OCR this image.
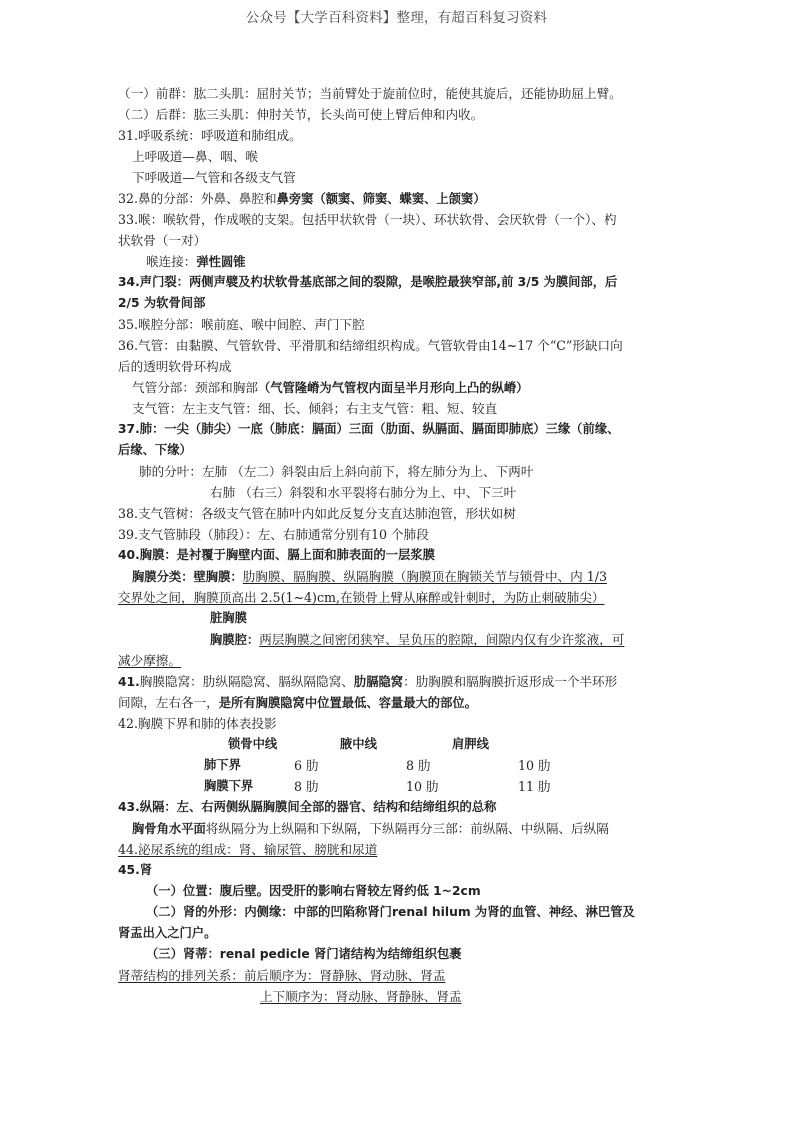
公众号【大学百科资料】整理，有超百科复习资料
（一）前群：肱二头肌：屈肘关节；当前臂处于旋前位时，能使其旋后，还能协助屈上臂。
（二）后群：肱三头肌：伸肘关节，长头尚可使上臂后伸和内收。
31.呼吸系统：呼吸道和肺组成。
上呼吸道—鼻、咽、喉
下呼吸道—气管和各级支气管
32.鼻的分部：外鼻、鼻腔和鼻旁窦（额窦、筛窦、蝶窦、上颌窦）
33.喉：喉软骨，作成喉的支架。包括甲状软骨（一块）、环状软骨、会厌软骨（一个）、杓
状软骨（一对）
喉连接：弹性圆锥
34.声门裂：两侧声襞及杓状软骨基底部之间的裂隙，是喉腔最狭窄部,前 3/5 为膜间部，后
2/5 为软骨间部
35.喉腔分部：喉前庭、喉中间腔、声门下腔
36.气管：由黏膜、气管软骨、平滑肌和结缔组织构成。气管软骨由14~17 个“C”形缺口向
后的透明软骨环构成
气管分部：颈部和胸部（气管隆嵴为气管杈内面呈半月形向上凸的纵嵴）
支气管：左主支气管：细、长、倾斜；右主支气管：粗、短、较直
37.肺：一尖（肺尖）一底（肺底：膈面）三面（肋面、纵膈面、膈面即肺底）三缘（前缘、
后缘、下缘）
肺的分叶：左肺 （左二）斜裂由后上斜向前下，将左肺分为上、下两叶
右肺 （右三）斜裂和水平裂将右肺分为上、中、下三叶
38.支气管树：各级支气管在肺叶内如此反复分支直达肺泡管，形状如树
39.支气管肺段（肺段）：左、右肺通常分别有10 个肺段
40.胸膜：是衬覆于胸壁内面、膈上面和肺表面的一层浆膜
胸膜分类：壁胸膜：肋胸膜、膈胸膜、纵隔胸膜（胸膜顶在胸锁关节与锁骨中、内 1/3
交界处之间，胸膜顶高出 2.5(1~4)cm,在锁骨上臂从麻醉或针刺时，为防止刺破肺尖）
脏胸膜
胸膜腔：两层胸膜之间密闭狭窄、呈负压的腔隙，间隙内仅有少许浆液，可
减少摩擦。
41.胸膜隐窝：肋纵隔隐窝、膈纵隔隐窝、肋膈隐窝：肋胸膜和膈胸膜折返形成一个半环形
间隙，左右各一，是所有胸膜隐窝中位置最低、容量最大的部位。
42.胸膜下界和肺的体表投影
锁骨中线	腋中线	肩胛线
肺下界	6 肋	8 肋	10 肋
胸膜下界	8 肋	10 肋	11 肋
43.纵隔：左、右两侧纵膈胸膜间全部的器官、结构和结缔组织的总称
胸骨角水平面将纵隔分为上纵隔和下纵隔，下纵隔再分三部：前纵隔、中纵隔、后纵隔
44.泌尿系统的组成：肾、输尿管、膀胱和尿道
45.肾
（一）位置：腹后壁。因受肝的影响右肾较左肾约低 1~2cm
（二）肾的外形：内侧缘：中部的凹陷称肾门renal hilum 为肾的血管、神经、淋巴管及
肾盂出入之门户。
（三）肾蒂：renal pedicle 肾门诸结构为结缔组织包裹
肾蒂结构的排列关系：前后顺序为：肾静脉、肾动脉、肾盂
上下顺序为：肾动脉、肾静脉、肾盂
